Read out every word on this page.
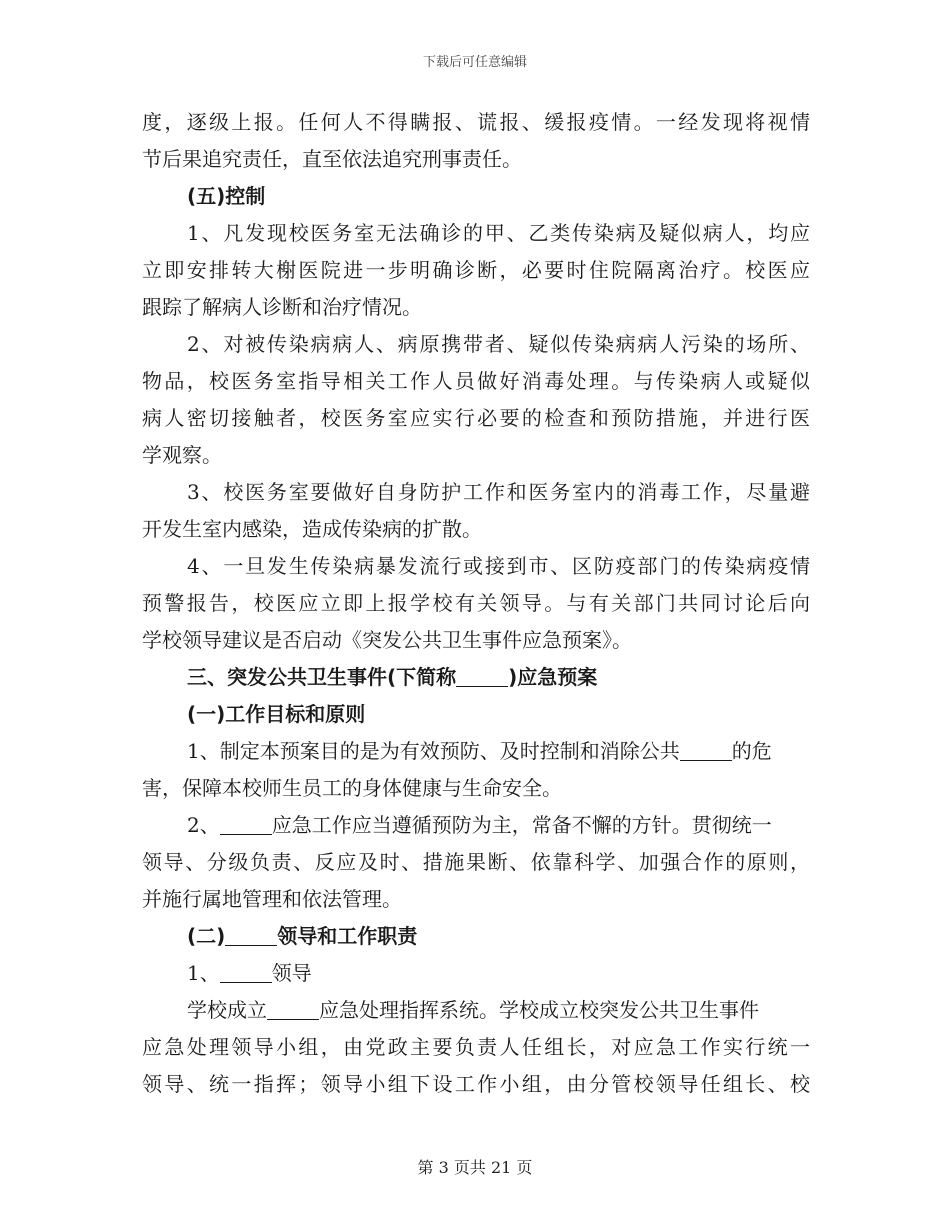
下载后可任意编辑
度，逐级上报。任何人不得瞒报、谎报、缓报疫情。一经发现将视情
节后果追究责任，直至依法追究刑事责任。
(五)控制
1、凡发现校医务室无法确诊的甲、乙类传染病及疑似病人，均应
立即安排转大榭医院进一步明确诊断，必要时住院隔离治疗。校医应
跟踪了解病人诊断和治疗情况。
2、对被传染病病人、病原携带者、疑似传染病病人污染的场所、
物品，校医务室指导相关工作人员做好消毒处理。与传染病人或疑似
病人密切接触者，校医务室应实行必要的检查和预防措施，并进行医
学观察。
3、校医务室要做好自身防护工作和医务室内的消毒工作，尽量避
开发生室内感染，造成传染病的扩散。
4、一旦发生传染病暴发流行或接到市、区防疫部门的传染病疫情
预警报告，校医应立即上报学校有关领导。与有关部门共同讨论后向
学校领导建议是否启动《突发公共卫生事件应急预案》。
三、突发公共卫生事件(下简称	)应急预案
(一)工作目标和原则
1、制定本预案目的是为有效预防、及时控制和消除公共	的危
害，保障本校师生员工的身体健康与生命安全。
2、	应急工作应当遵循预防为主，常备不懈的方针。贯彻统一
领导、分级负责、反应及时、措施果断、依靠科学、加强合作的原则，
并施行属地管理和依法管理。
(二)	领导和工作职责
1、	领导
学校成立	应急处理指挥系统。学校成立校突发公共卫生事件
应急处理领导小组，由党政主要负责人任组长，对应急工作实行统一
领导、统一指挥；领导小组下设工作小组，由分管校领导任组长、校
第 3 页共 21 页
